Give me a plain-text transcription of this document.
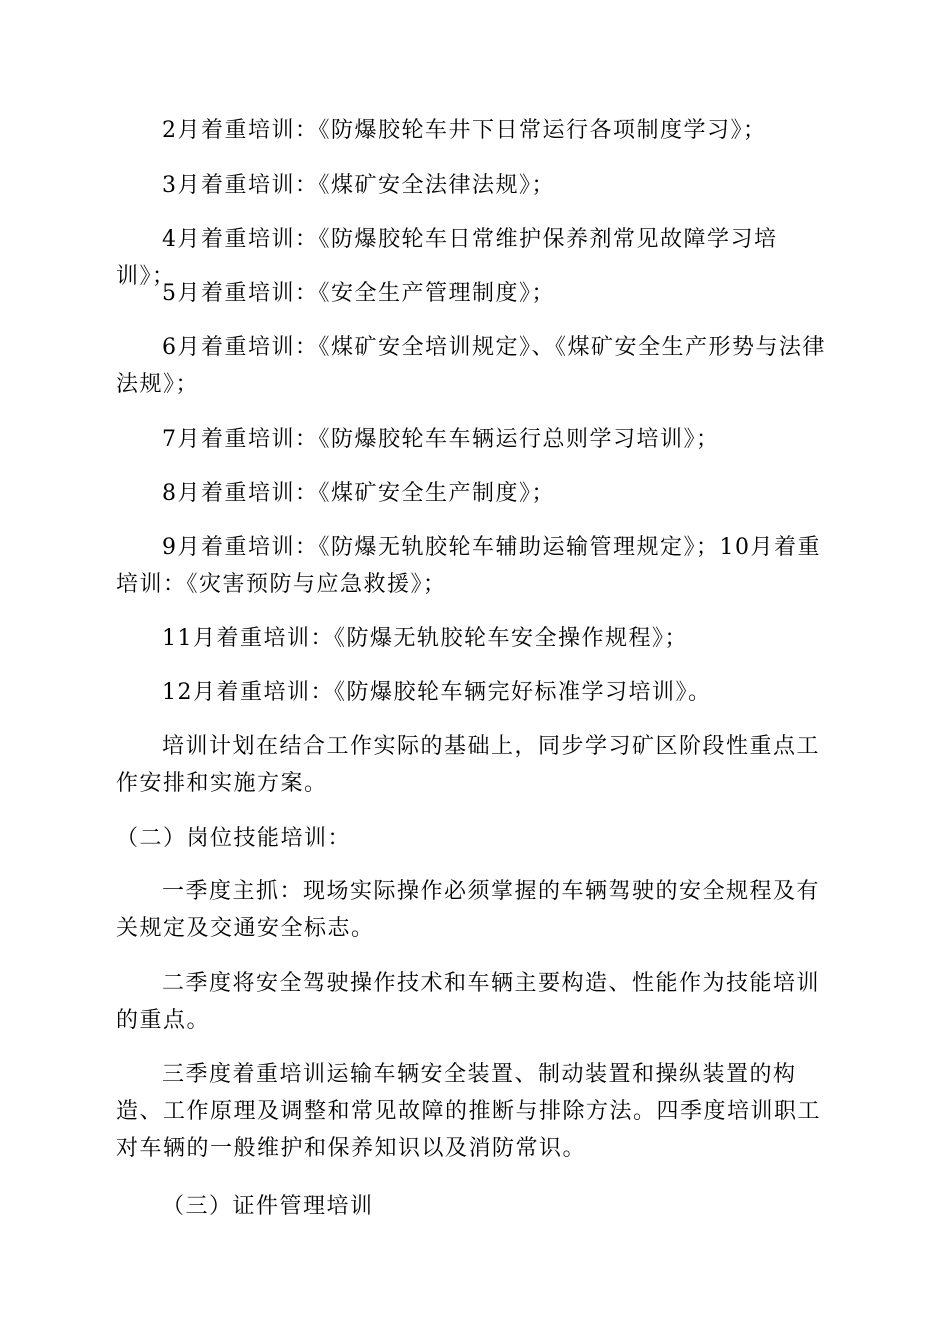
2月着重培训：《防爆胶轮车井下日常运行各项制度学习》；

3月着重培训：《煤矿安全法律法规》；

4月着重培训：《防爆胶轮车日常维护保养剂常见故障学习培训》；

5月着重培训：《安全生产管理制度》；

6月着重培训：《煤矿安全培训规定》、《煤矿安全生产形势与法律法规》；

7月着重培训：《防爆胶轮车车辆运行总则学习培训》；

8月着重培训：《煤矿安全生产制度》；

9月着重培训：《防爆无轨胶轮车辅助运输管理规定》；10月着重培训：《灾害预防与应急救援》；

11月着重培训：《防爆无轨胶轮车安全操作规程》；

12月着重培训：《防爆胶轮车辆完好标准学习培训》。

培训计划在结合工作实际的基础上，同步学习矿区阶段性重点工作安排和实施方案。

（二）岗位技能培训：

一季度主抓：现场实际操作必须掌握的车辆驾驶的安全规程及有关规定及交通安全标志。

二季度将安全驾驶操作技术和车辆主要构造、性能作为技能培训的重点。

三季度着重培训运输车辆安全装置、制动装置和操纵装置的构造、工作原理及调整和常见故障的推断与排除方法。四季度培训职工对车辆的一般维护和保养知识以及消防常识。

（三）证件管理培训
